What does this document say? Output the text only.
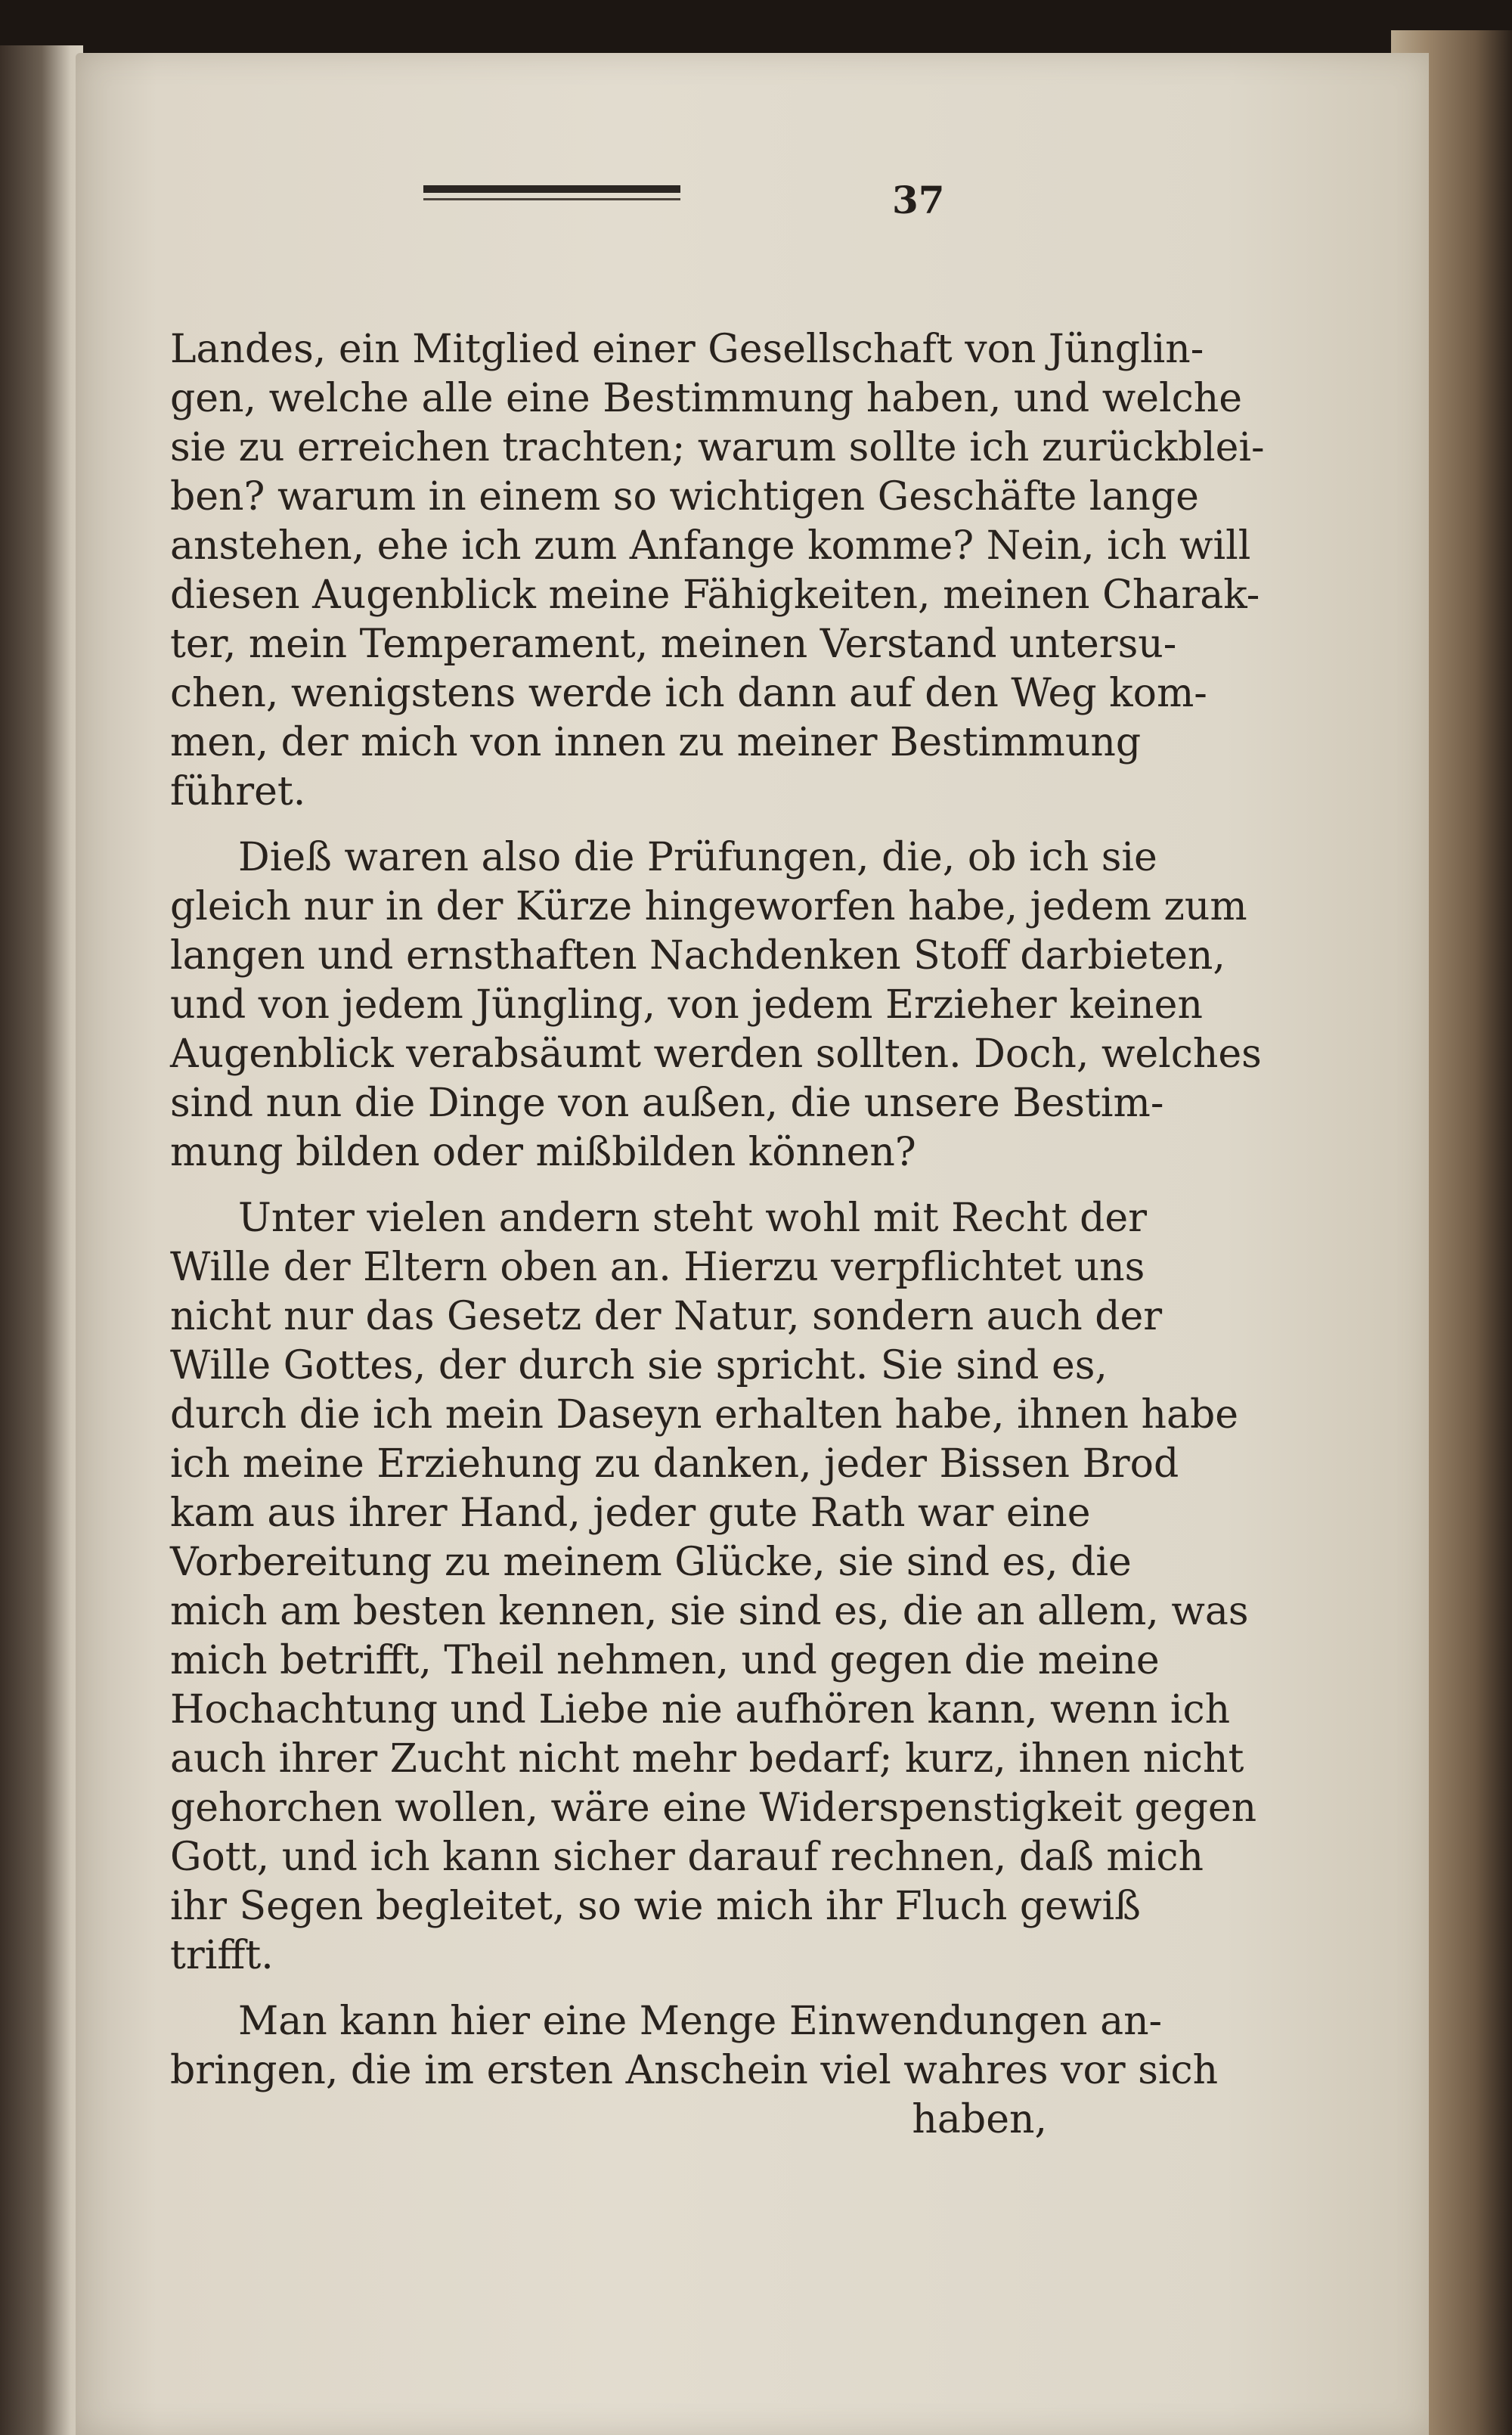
37
Landes, ein Mitglied einer Gesellschaft von Jünglin-
gen, welche alle eine Bestimmung haben, und welche
sie zu erreichen trachten; warum sollte ich zurückblei-
ben? warum in einem so wichtigen Geschäfte lange
anstehen, ehe ich zum Anfange komme? Nein, ich will
diesen Augenblick meine Fähigkeiten, meinen Charak-
ter, mein Temperament, meinen Verstand untersu-
chen, wenigstens werde ich dann auf den Weg kom-
men, der mich von innen zu meiner Bestimmung
führet.
Dieß waren also die Prüfungen, die, ob ich sie
gleich nur in der Kürze hingeworfen habe, jedem zum
langen und ernsthaften Nachdenken Stoff darbieten,
und von jedem Jüngling, von jedem Erzieher keinen
Augenblick verabsäumt werden sollten. Doch, welches
sind nun die Dinge von außen, die unsere Bestim-
mung bilden oder mißbilden können?
Unter vielen andern steht wohl mit Recht der
Wille der Eltern oben an. Hierzu verpflichtet uns
nicht nur das Gesetz der Natur, sondern auch der
Wille Gottes, der durch sie spricht. Sie sind es,
durch die ich mein Daseyn erhalten habe, ihnen habe
ich meine Erziehung zu danken, jeder Bissen Brod
kam aus ihrer Hand, jeder gute Rath war eine
Vorbereitung zu meinem Glücke, sie sind es, die
mich am besten kennen, sie sind es, die an allem, was
mich betrifft, Theil nehmen, und gegen die meine
Hochachtung und Liebe nie aufhören kann, wenn ich
auch ihrer Zucht nicht mehr bedarf; kurz, ihnen nicht
gehorchen wollen, wäre eine Widerspenstigkeit gegen
Gott, und ich kann sicher darauf rechnen, daß mich
ihr Segen begleitet, so wie mich ihr Fluch gewiß
trifft.
Man kann hier eine Menge Einwendungen an-
bringen, die im ersten Anschein viel wahres vor sich
haben,
